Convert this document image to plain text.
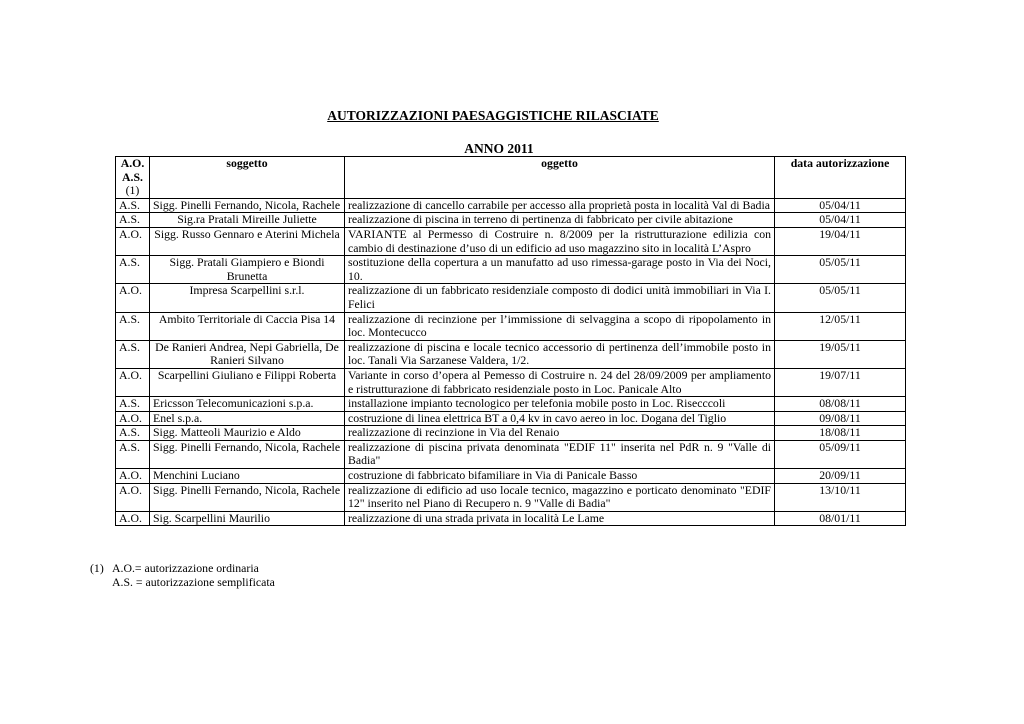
AUTORIZZAZIONI PAESAGGISTICHE RILASCIATE
ANNO 2011
A.O.
A.S.
(1)	soggetto	oggetto	data autorizzazione
A.S.	Sigg. Pinelli Fernando, Nicola, Rachele	realizzazione di cancello carrabile per accesso alla proprietà posta in località Val di Badia	05/04/11
A.S.	Sig.ra Pratali Mireille Juliette	realizzazione di piscina in terreno di pertinenza di fabbricato per civile abitazione	05/04/11
A.O.	Sigg. Russo Gennaro e Aterini Michela	VARIANTE al Permesso di Costruire n. 8/2009 per la ristrutturazione edilizia con cambio di destinazione d’uso di un edificio ad uso magazzino sito in località L’Aspro	19/04/11
A.S.	Sigg. Pratali Giampiero e Biondi Brunetta	sostituzione della copertura a un manufatto ad uso rimessa-garage posto in Via dei Noci, 10.	05/05/11
A.O.	Impresa Scarpellini s.r.l.	realizzazione di un fabbricato residenziale composto di dodici unità immobiliari in Via I. Felici	05/05/11
A.S.	Ambito Territoriale di Caccia Pisa 14	realizzazione di recinzione per l’immissione di selvaggina a scopo di ripopolamento in loc. Montecucco	12/05/11
A.S.	De Ranieri Andrea, Nepi Gabriella, De Ranieri Silvano	realizzazione di piscina e locale tecnico accessorio di pertinenza dell’immobile posto in loc. Tanali Via Sarzanese Valdera, 1/2.	19/05/11
A.O.	Scarpellini Giuliano e Filippi Roberta	Variante in corso d’opera al Pemesso di Costruire n. 24 del 28/09/2009 per ampliamento e ristrutturazione di fabbricato residenziale posto in Loc. Panicale Alto	19/07/11
A.S.	Ericsson Telecomunicazioni s.p.a.	installazione impianto tecnologico per telefonia mobile posto in Loc. Risecccoli	08/08/11
A.O.	Enel s.p.a.	costruzione di linea elettrica BT a 0,4 kv in cavo aereo in loc. Dogana del Tiglio	09/08/11
A.S.	Sigg. Matteoli Maurizio e Aldo	realizzazione di recinzione in Via del Renaio	18/08/11
A.S.	Sigg. Pinelli Fernando, Nicola, Rachele	realizzazione di piscina privata denominata "EDIF 11" inserita nel PdR n. 9 "Valle di Badia"	05/09/11
A.O.	Menchini Luciano	costruzione di fabbricato bifamiliare in Via di Panicale Basso	20/09/11
A.O.	Sigg. Pinelli Fernando, Nicola, Rachele	realizzazione di edificio ad uso locale tecnico, magazzino e porticato denominato "EDIF 12" inserito nel Piano di Recupero n. 9 "Valle di Badia"	13/10/11
A.O.	Sig. Scarpellini Maurilio	realizzazione di una strada privata in località Le Lame	08/01/11
(1) A.O.= autorizzazione ordinaria
A.S. = autorizzazione semplificata
